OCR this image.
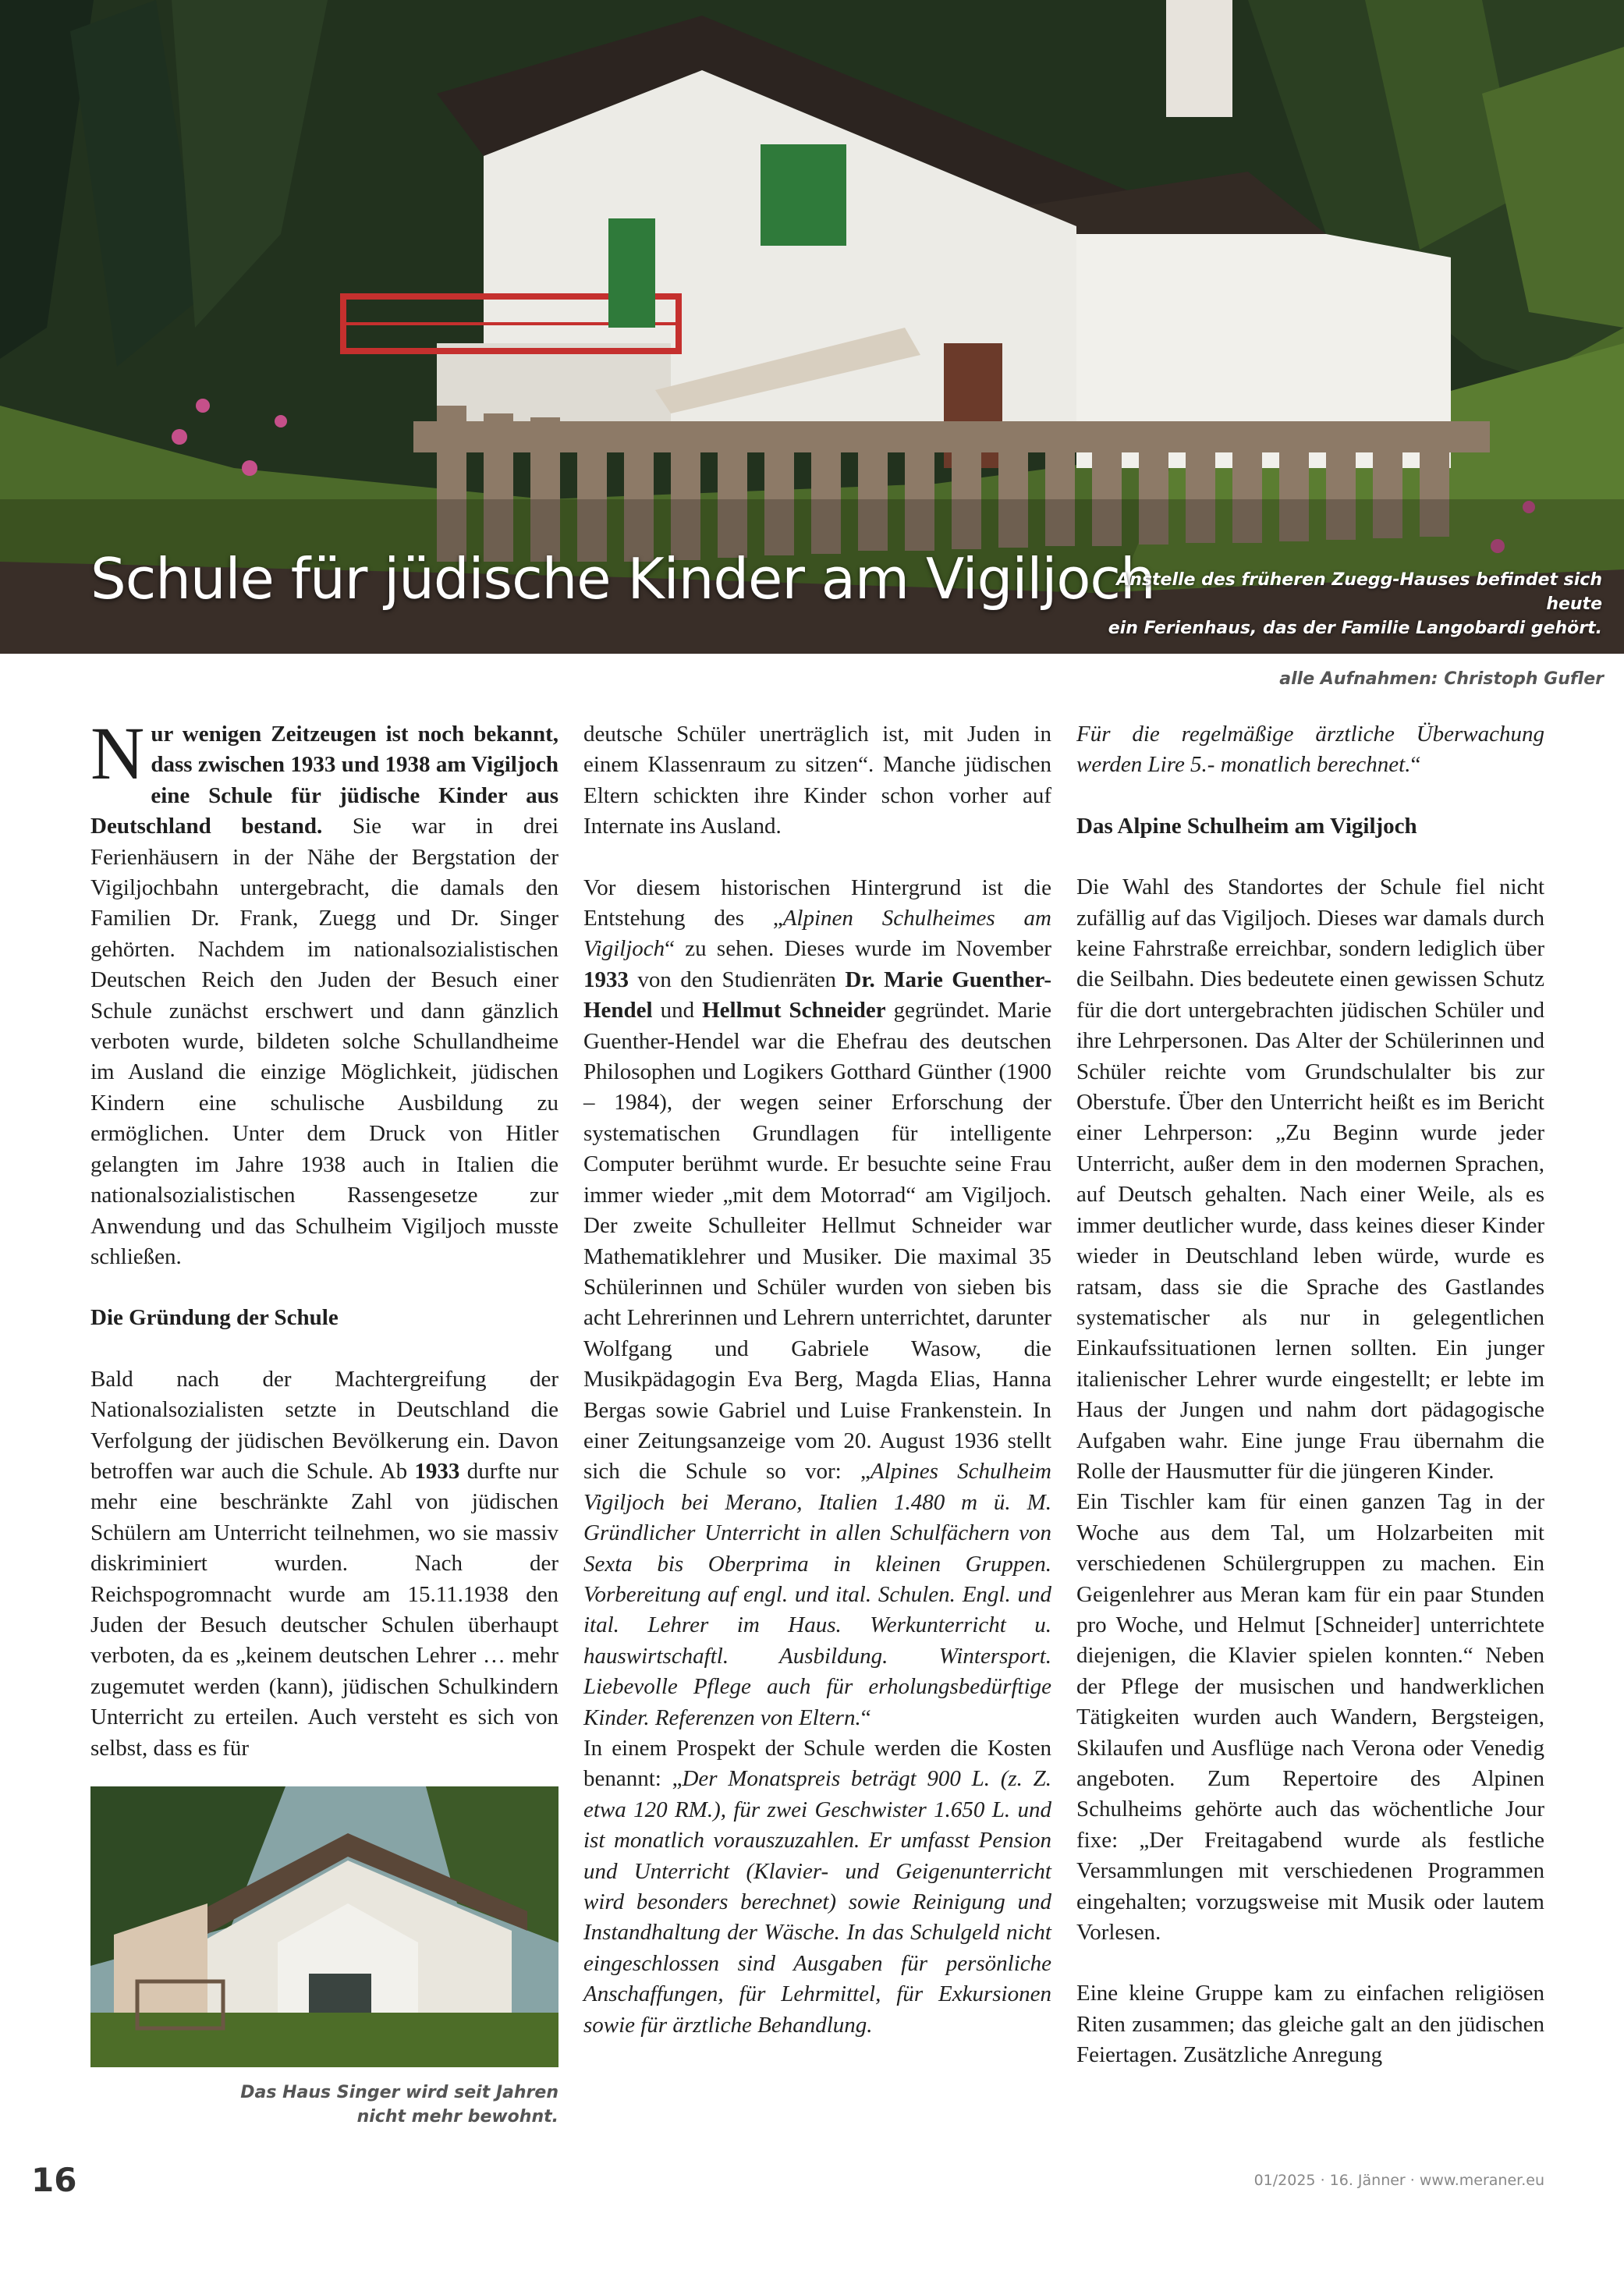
Schule für jüdische Kinder am Vigiljoch
Anstelle des früheren Zuegg-Hauses befindet sich heute
ein Ferienhaus, das der Familie Langobardi gehört.
alle Aufnahmen: Christoph Gufler

Nur wenigen Zeitzeugen ist noch bekannt, dass zwischen 1933 und 1938 am Vigiljoch eine Schule für jüdische Kinder aus Deutschland bestand. Sie war in drei Ferienhäusern in der Nähe der Bergstation der Vigiljochbahn untergebracht, die damals den Familien Dr. Frank, Zuegg und Dr. Singer gehörten. Nachdem im nationalsozialistischen Deutschen Reich den Juden der Besuch einer Schule zunächst erschwert und dann gänzlich verboten wurde, bildeten solche Schullandheime im Ausland die einzige Möglichkeit, jüdischen Kindern eine schulische Ausbildung zu ermöglichen. Unter dem Druck von Hitler gelangten im Jahre 1938 auch in Italien die nationalsozialistischen Rassengesetze zur Anwendung und das Schulheim Vigiljoch musste schließen.

Die Gründung der Schule

Bald nach der Machtergreifung der Nationalsozialisten setzte in Deutschland die Verfolgung der jüdischen Bevölkerung ein. Davon betroffen war auch die Schule. Ab 1933 durfte nur mehr eine beschränkte Zahl von jüdischen Schülern am Unterricht teilnehmen, wo sie massiv diskriminiert wurden. Nach der Reichspogromnacht wurde am 15.11.1938 den Juden der Besuch deutscher Schulen überhaupt verboten, da es „keinem deutschen Lehrer … mehr zugemutet werden (kann), jüdischen Schulkindern Unterricht zu erteilen. Auch versteht es sich von selbst, dass es für

Das Haus Singer wird seit Jahren
nicht mehr bewohnt.

deutsche Schüler unerträglich ist, mit Juden in einem Klassenraum zu sitzen“. Manche jüdischen Eltern schickten ihre Kinder schon vorher auf Internate ins Ausland.

Vor diesem historischen Hintergrund ist die Entstehung des „Alpinen Schulheimes am Vigiljoch“ zu sehen. Dieses wurde im November 1933 von den Studienräten Dr. Marie Guenther-Hendel und Hellmut Schneider gegründet. Marie Guenther-Hendel war die Ehefrau des deutschen Philosophen und Logikers Gotthard Günther (1900 – 1984), der wegen seiner Erforschung der systematischen Grundlagen für intelligente Computer berühmt wurde. Er besuchte seine Frau immer wieder „mit dem Motorrad“ am Vigiljoch. Der zweite Schulleiter Hellmut Schneider war Mathematiklehrer und Musiker. Die maximal 35 Schülerinnen und Schüler wurden von sieben bis acht Lehrerinnen und Lehrern unterrichtet, darunter Wolfgang und Gabriele Wasow, die Musikpädagogin Eva Berg, Magda Elias, Hanna Bergas sowie Gabriel und Luise Frankenstein. In einer Zeitungsanzeige vom 20. August 1936 stellt sich die Schule so vor: „Alpines Schulheim Vigiljoch bei Merano, Italien 1.480 m ü. M. Gründlicher Unterricht in allen Schulfächern von Sexta bis Oberprima in kleinen Gruppen. Vorbereitung auf engl. und ital. Schulen. Engl. und ital. Lehrer im Haus. Werkunterricht u. hauswirtschaftl. Ausbildung. Wintersport. Liebevolle Pflege auch für erholungsbedürftige Kinder. Referenzen von Eltern.“

In einem Prospekt der Schule werden die Kosten benannt: „Der Monatspreis beträgt 900 L. (z. Z. etwa 120 RM.), für zwei Geschwister 1.650 L. und ist monatlich vorauszuzahlen. Er umfasst Pension und Unterricht (Klavier- und Geigenunterricht wird besonders berechnet) sowie Reinigung und Instandhaltung der Wäsche. In das Schulgeld nicht eingeschlossen sind Ausgaben für persönliche Anschaffungen, für Lehrmittel, für Exkursionen sowie für ärztliche Behandlung.

Für die regelmäßige ärztliche Überwachung werden Lire 5.- monatlich berechnet.“

Das Alpine Schulheim am Vigiljoch

Die Wahl des Standortes der Schule fiel nicht zufällig auf das Vigiljoch. Dieses war damals durch keine Fahrstraße erreichbar, sondern lediglich über die Seilbahn. Dies bedeutete einen gewissen Schutz für die dort untergebrachten jüdischen Schüler und ihre Lehrpersonen. Das Alter der Schülerinnen und Schüler reichte vom Grundschulalter bis zur Oberstufe. Über den Unterricht heißt es im Bericht einer Lehrperson: „Zu Beginn wurde jeder Unterricht, außer dem in den modernen Sprachen, auf Deutsch gehalten. Nach einer Weile, als es immer deutlicher wurde, dass keines dieser Kinder wieder in Deutschland leben würde, wurde es ratsam, dass sie die Sprache des Gastlandes systematischer als nur in gelegentlichen Einkaufssituationen lernen sollten. Ein junger italienischer Lehrer wurde eingestellt; er lebte im Haus der Jungen und nahm dort pädagogische Aufgaben wahr. Eine junge Frau übernahm die Rolle der Hausmutter für die jüngeren Kinder.

Ein Tischler kam für einen ganzen Tag in der Woche aus dem Tal, um Holzarbeiten mit verschiedenen Schülergruppen zu machen. Ein Geigenlehrer aus Meran kam für ein paar Stunden pro Woche, und Helmut [Schneider] unterrichtete diejenigen, die Klavier spielen konnten.“ Neben der Pflege der musischen und handwerklichen Tätigkeiten wurden auch Wandern, Bergsteigen, Skilaufen und Ausflüge nach Verona oder Venedig angeboten. Zum Repertoire des Alpinen Schulheims gehörte auch das wöchentliche Jour fixe: „Der Freitagabend wurde als festliche Versammlungen mit verschiedenen Programmen eingehalten; vorzugsweise mit Musik oder lautem Vorlesen.

Eine kleine Gruppe kam zu einfachen religiösen Riten zusammen; das gleiche galt an den jüdischen Feiertagen. Zusätzliche Anregung

16	01/2025 · 16. Jänner · www.meraner.eu
